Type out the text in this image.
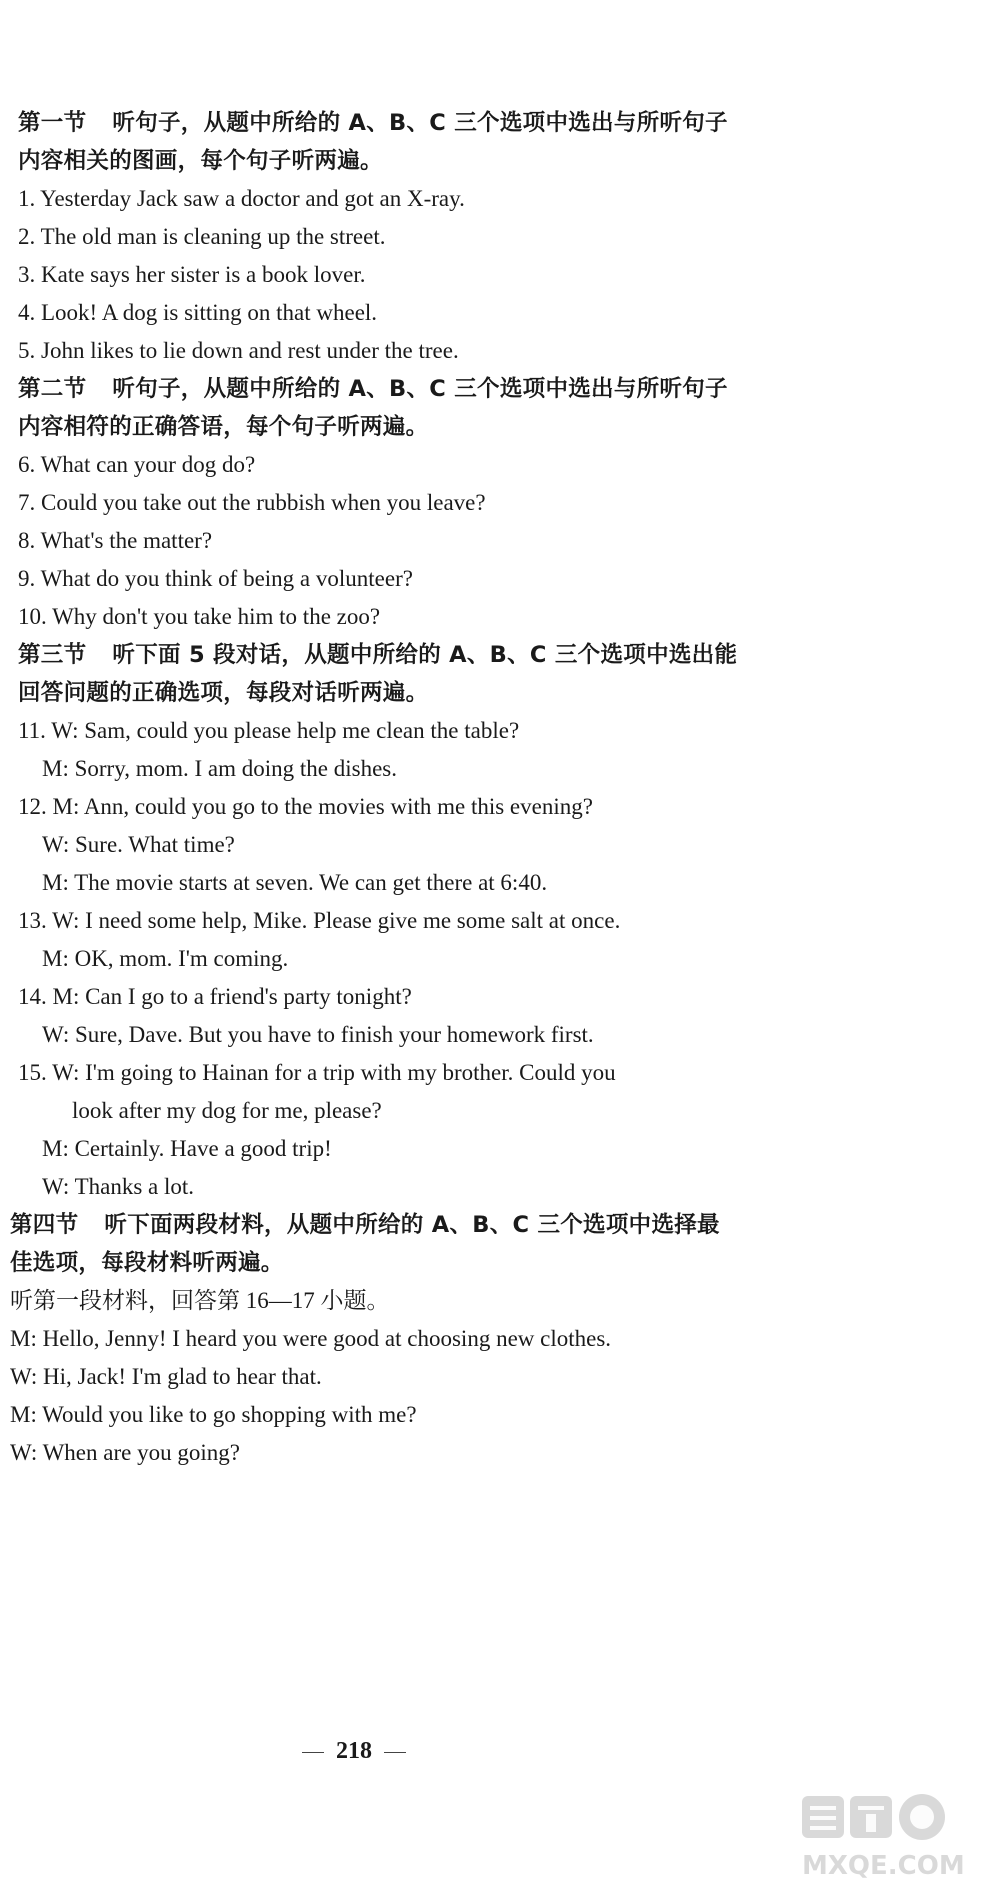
第一节 听句子，从题中所给的 A、B、C 三个选项中选出与所听句子
内容相关的图画，每个句子听两遍。
1. Yesterday Jack saw a doctor and got an X-ray.
2. The old man is cleaning up the street.
3. Kate says her sister is a book lover.
4. Look! A dog is sitting on that wheel.
5. John likes to lie down and rest under the tree.
第二节 听句子，从题中所给的 A、B、C 三个选项中选出与所听句子
内容相符的正确答语，每个句子听两遍。
6. What can your dog do?
7. Could you take out the rubbish when you leave?
8. What's the matter?
9. What do you think of being a volunteer?
10. Why don't you take him to the zoo?
第三节 听下面 5 段对话，从题中所给的 A、B、C 三个选项中选出能
回答问题的正确选项，每段对话听两遍。
11. W: Sam, could you please help me clean the table?
M: Sorry, mom. I am doing the dishes.
12. M: Ann, could you go to the movies with me this evening?
W: Sure. What time?
M: The movie starts at seven. We can get there at 6:40.
13. W: I need some help, Mike. Please give me some salt at once.
M: OK, mom. I'm coming.
14. M: Can I go to a friend's party tonight?
W: Sure, Dave. But you have to finish your homework first.
15. W: I'm going to Hainan for a trip with my brother. Could you
look after my dog for me, please?
M: Certainly. Have a good trip!
W: Thanks a lot.
第四节 听下面两段材料，从题中所给的 A、B、C 三个选项中选择最
佳选项，每段材料听两遍。
听第一段材料，回答第 16—17 小题。
M: Hello, Jenny! I heard you were good at choosing new clothes.
W: Hi, Jack! I'm glad to hear that.
M: Would you like to go shopping with me?
W: When are you going?
218
MXQE.COM
